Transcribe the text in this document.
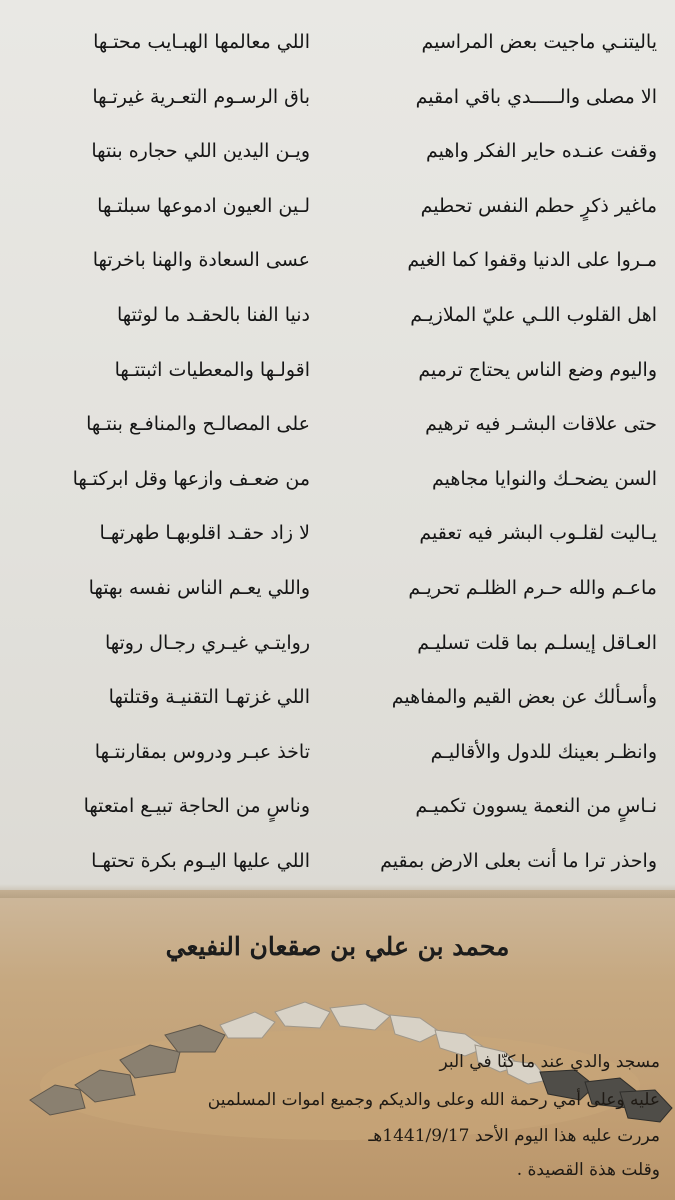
ياليتنـي ماجيت بعض المراسيم
اللي معالمها الهبـايب محتـها
الا مصلى والـــــدي باقي امقيم
باق الرسـوم التعـرية غيرتـها
وقفت عنـده حاير الفكر واهيم
ويـن اليدين اللي حجاره بنتها
ماغير ذكرٍ حطم النفس تحطيم
لـين العيون ادموعها سبلتـها
مـروا على الدنيا وقفوا كما الغيم
عسى السعادة والهنا باخرتها
اهل القلوب اللـي عليّ الملازيـم
دنيا الفنا بالحقـد ما لوثتها
واليوم وضع الناس يحتاج ترميم
اقولـها والمعطيات اثبتتـها
حتى علاقات البشـر فيه ترهيم
على المصالـح والمنافـع بنتـها
السن يضحـك والنوايا مجاهيم
من ضعـف وازعها وقل ابركتـها
يـاليت لقلـوب البشر فيه تعقيم
لا زاد حقـد اقلوبهـا طهرتهـا
ماعـم والله حـرم الظلـم تحريـم
واللي يعـم الناس نفسه بهتها
العـاقل إيسلـم بما قلت تسليـم
روايتـي غيـري رجـال روتها
وأسـألك عن بعض القيم والمفاهيم
اللي غزتهـا التقنيـة وقتلتها
وانظـر بعينك للدول والأقاليـم
تاخذ عبـر ودروس بمقارنتـها
نـاسٍ من النعمة يسوون تكميـم
وناسٍ من الحاجة تبيـع امتعتها
واحذر ترا ما أنت بعلى الارض بمقيم
اللي عليها اليـوم بكرة تحتهـا
محمد بن علي بن صقعان النفيعي
مسجد والدي عند ما كنّا في البر
عليه وعلى أمي رحمة الله وعلى والديكم وجميع اموات المسلمين
مررت عليه هذا اليوم الأحد 1441/9/17هـ
وقلت هذة القصيدة .
